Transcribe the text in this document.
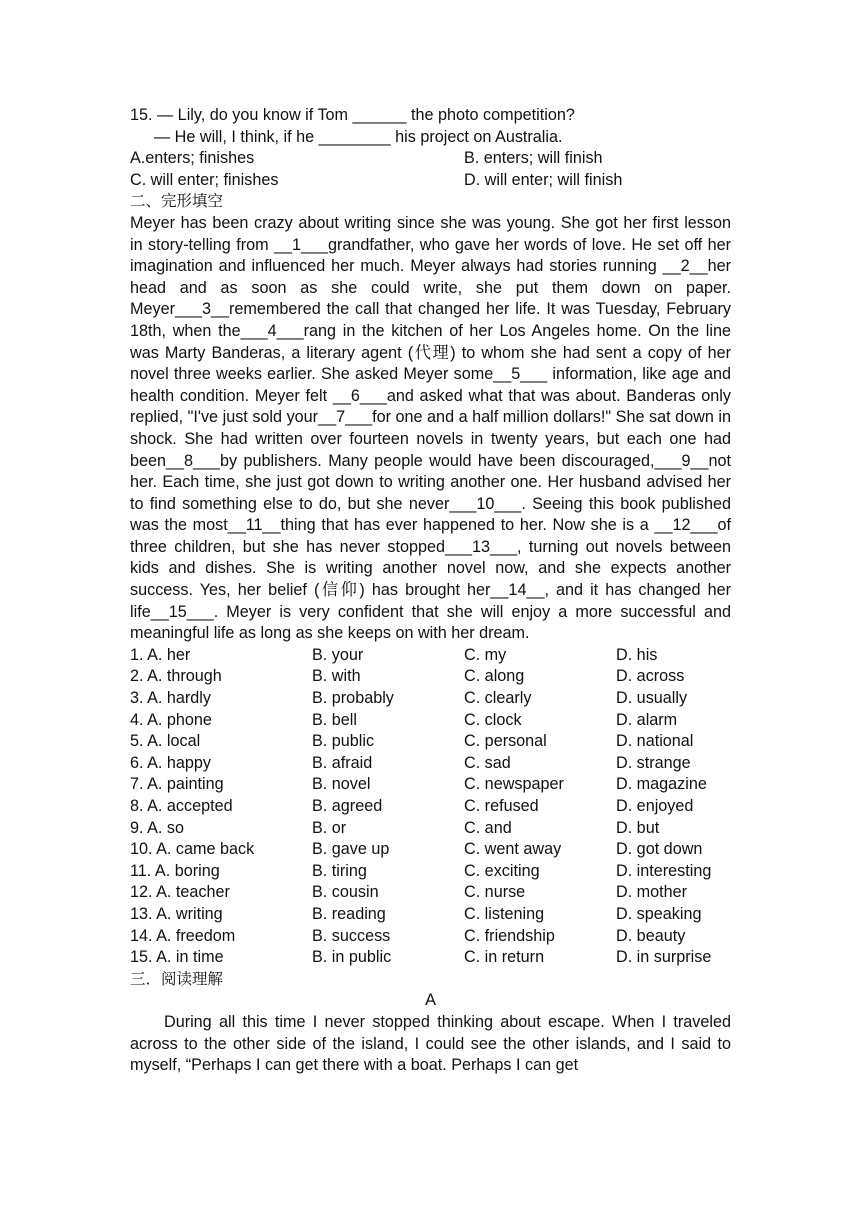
15. — Lily, do you know if Tom ______ the photo competition?
— He will, I think, if he ________ his project on Australia.
A.enters; finishes	B. enters; will finish
C. will enter; finishes	D. will enter; will finish
二、完形填空

Meyer has been crazy about writing since she was young. She got her first lesson in story-telling from __1___grandfather, who gave her words of love. He set off her imagination and influenced her much. Meyer always had stories running __2__her head and as soon as she could write, she put them down on paper. Meyer___3__remembered the call that changed her life. It was Tuesday, February 18th, when the___4___rang in the kitchen of her Los Angeles home. On the line was Marty Banderas, a literary agent (代理) to whom she had sent a copy of her novel three weeks earlier. She asked Meyer some__5___ information, like age and health condition. Meyer felt __6___and asked what that was about. Banderas only replied, "I've just sold your__7___for one and a half million dollars!" She sat down in shock. She had written over fourteen novels in twenty years, but each one had been__8___by publishers. Many people would have been discouraged,___9__not her. Each time, she just got down to writing another one. Her husband advised her to find something else to do, but she never___10___. Seeing this book published was the most__11__thing that has ever happened to her. Now she is a __12___of three children, but she has never stopped___13___, turning out novels between kids and dishes. She is writing another novel now, and she expects another success. Yes, her belief (信仰) has brought her__14__, and it has changed her life__15___. Meyer is very confident that she will enjoy a more successful and meaningful life as long as she keeps on with her dream.

1. A. her	B. your	C. my	D. his
2. A. through	B. with	C. along	D. across
3. A. hardly	B. probably	C. clearly	D. usually
4. A. phone	B. bell	C. clock	D. alarm
5. A. local	B. public	C. personal	D. national
6. A. happy	B. afraid	C. sad	D. strange
7. A. painting	B. novel	C. newspaper	D. magazine
8. A. accepted	B. agreed	C. refused	D. enjoyed
9. A. so	B. or	C. and	D. but
10. A. came back	B. gave up	C. went away	D. got down
11. A. boring	B. tiring	C. exciting	D. interesting
12. A. teacher	B. cousin	C. nurse	D. mother
13. A. writing	B. reading	C. listening	D. speaking
14. A. freedom	B. success	C. friendship	D. beauty
15. A. in time	B. in public	C. in return	D. in surprise
三．阅读理解
A

During all this time I never stopped thinking about escape. When I traveled across to the other side of the island, I could see the other islands, and I said to myself, “Perhaps I can get there with a boat. Perhaps I can get
